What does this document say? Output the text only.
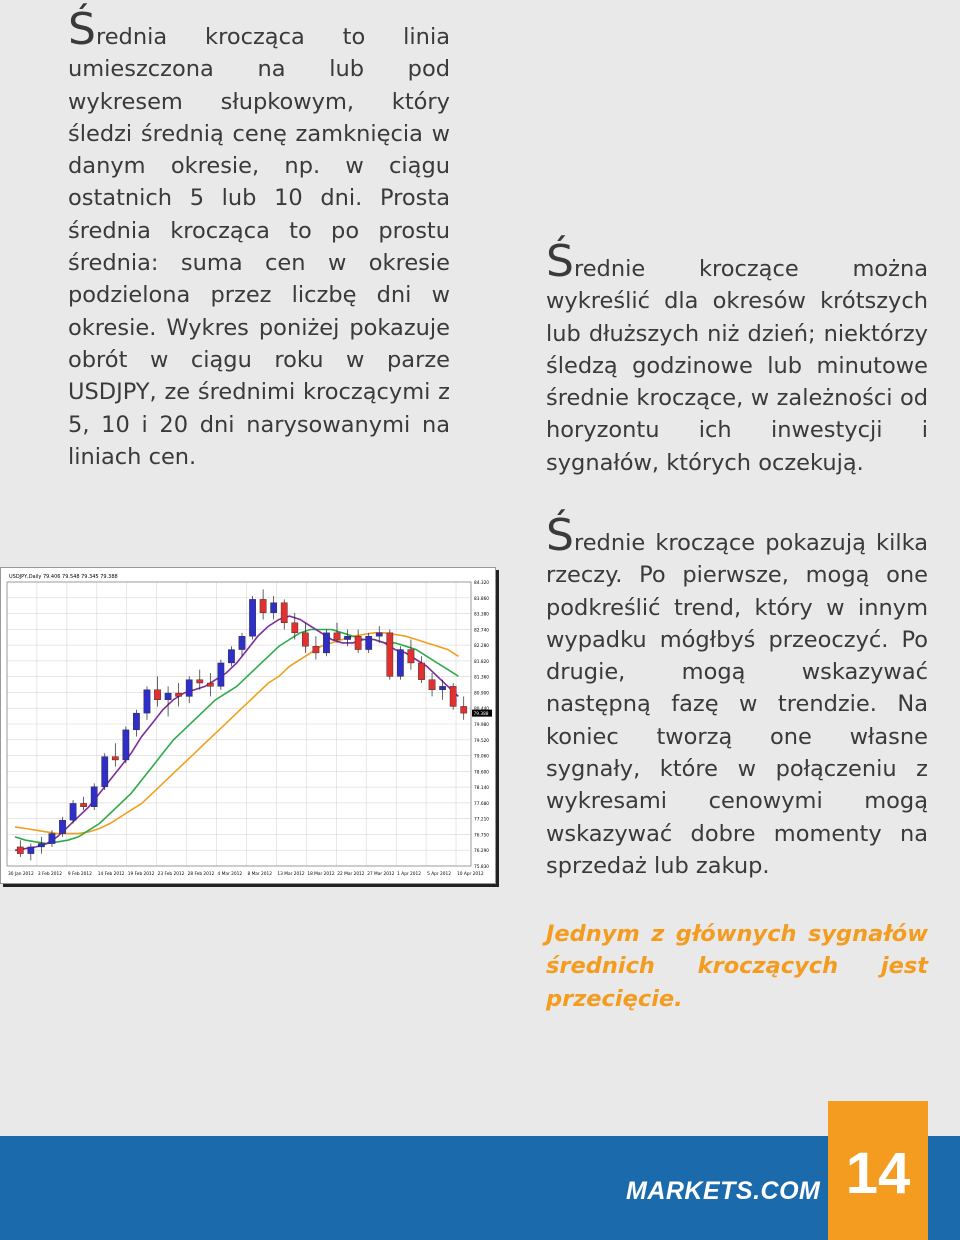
Średnia krocząca to linia umieszczona na lub pod wykresem słupkowym, który śledzi średnią cenę zamknięcia w danym okresie, np. w ciągu ostatnich 5 lub 10 dni. Prosta średnia krocząca to po prostu średnia: suma cen w okresie podzielona przez liczbę dni w okresie. Wykres poniżej pokazuje obrót w ciągu roku w parze USDJPY, ze średnimi kroczącymi z 5, 10 i 20 dni narysowanymi na liniach cen.
USDJPY,Daily 79.406 79.548 79.345 79.388
84.320
83.860
83.380
82.740
82.280
81.820
81.360
80.900
79.980
79.520
79.060
78.600
78.140
77.680
77.210
76.750
76.290
75.830
30 Jan 2012 3 Feb 2012 9 Feb 2012 14 Feb 2012 19 Feb 2012 23 Feb 2012 28 Feb 2012 4 Mar 2012 8 Mar 2012 13 Mar 2012 18 Mar 2012 22 Mar 2012 27 Mar 2012 1 Apr 2012 5 Apr 2012 10 Apr 2012
79.388
Średnie kroczące można wykreślić dla okresów krótszych lub dłuższych niż dzień; niektórzy śledzą godzinowe lub minutowe średnie kroczące, w zależności od horyzontu ich inwestycji i sygnałów, których oczekują.
Średnie kroczące pokazują kilka rzeczy. Po pierwsze, mogą one podkreślić trend, który w innym wypadku mógłbyś przeoczyć. Po drugie, mogą wskazywać następną fazę w trendzie. Na koniec tworzą one własne sygnały, które w połączeniu z wykresami cenowymi mogą wskazywać dobre momenty na sprzedaż lub zakup.
Jednym z głównych sygnałów średnich kroczących jest przecięcie.
MARKETS.COM 14
